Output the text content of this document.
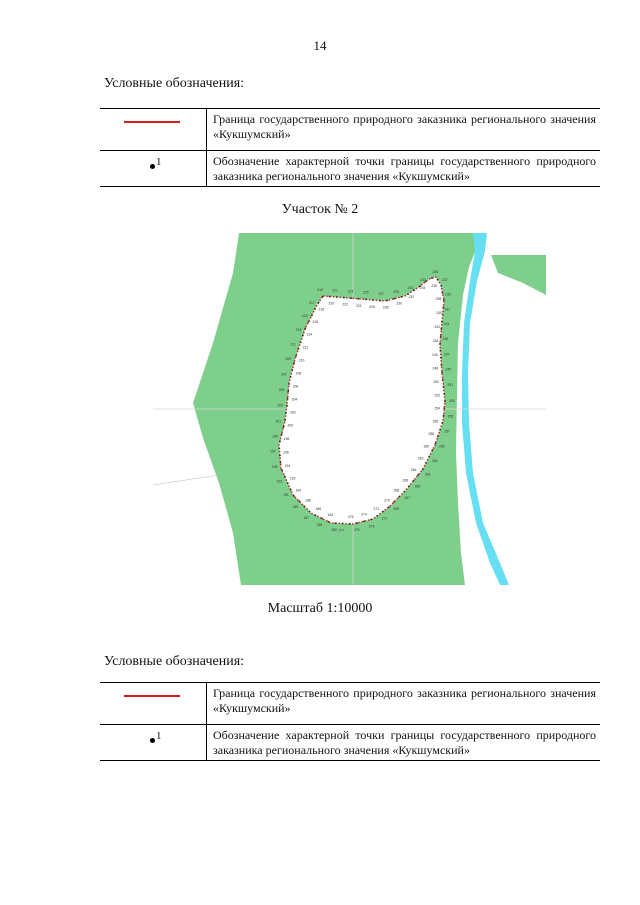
14
Условные обозначения:
	Граница государственного природного заказника регионального значения «Кукшумский»

1	Обозначение характерной точки границы государственного природного заказника регионального значения «Кукшумский»
Участок № 2
183
184
185
186
187
188
189
190
191
192
193
194
195
196
197
198
199
200
201
202
203
204
205
206
207	208
209 210
211
212
213
214
215
216
217
218
219
220
221
222
223
224
225
226
227
228
229
230
231
232
233
234
235
236
237
238
239
240
241
242
243
244 245
246 247
248 249
250
251
252
253
254
255
256
257
258
259
260
261
262
263
264
265
266
267
268
269
270
271
272
273
274
275
276
277
Масштаб 1:10000
Условные обозначения:
	Граница государственного природного заказника регионального значения «Кукшумский»

1	Обозначение характерной точки границы государственного природного заказника регионального значения «Кукшумский»
